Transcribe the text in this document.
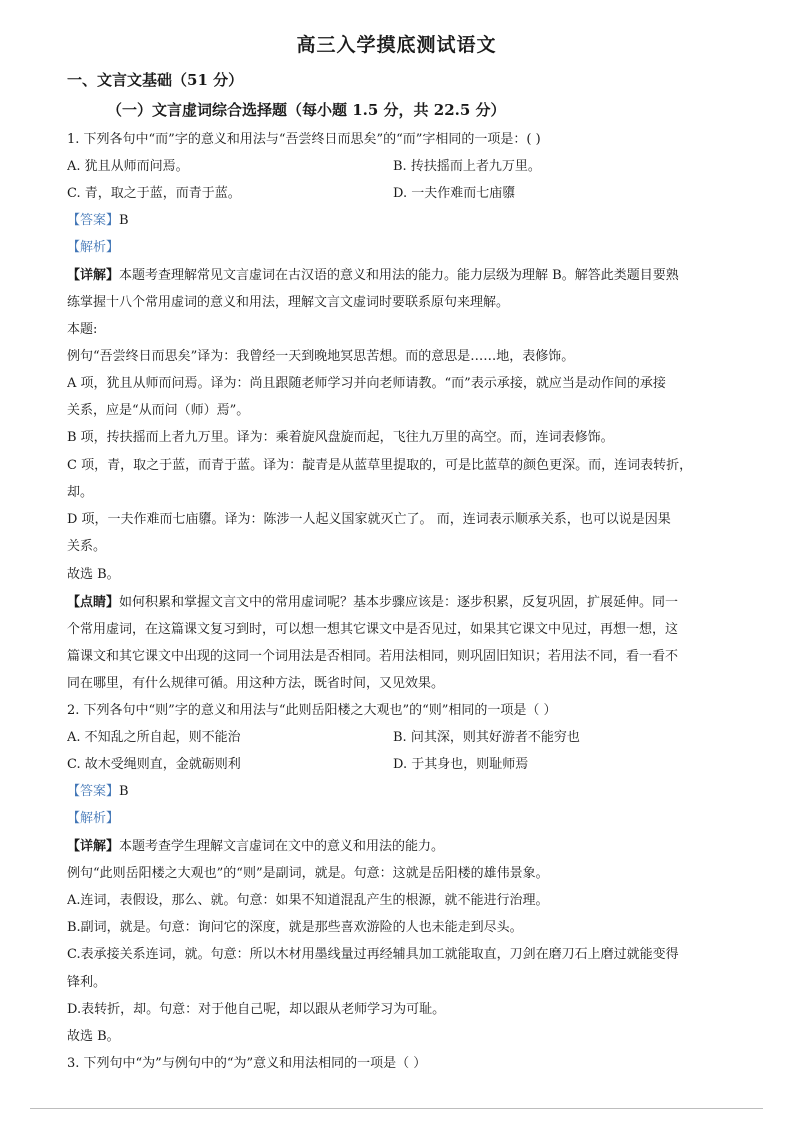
高三入学摸底测试语文
一、文言文基础（51 分）
（一）文言虚词综合选择题（每小题 1.5 分，共 22.5 分）
1. 下列各句中“而”字的意义和用法与“吾尝终日而思矣”的“而”字相同的一项是：( )
A. 犹且从师而问焉。	B. 抟扶摇而上者九万里。
C. 青，取之于蓝，而青于蓝。	D. 一夫作难而七庙隳
【答案】B
【解析】
【详解】本题考查理解常见文言虚词在古汉语的意义和用法的能力。能力层级为理解 B。解答此类题目要熟
练掌握十八个常用虚词的意义和用法，理解文言文虚词时要联系原句来理解。
本题:
例句“吾尝终日而思矣”译为：我曾经一天到晚地冥思苦想。而的意思是……地，表修饰。
A 项，犹且从师而问焉。译为：尚且跟随老师学习并向老师请教。“而”表示承接，就应当是动作间的承接
关系，应是“从而问（师）焉”。
B 项，抟扶摇而上者九万里。译为：乘着旋风盘旋而起，飞往九万里的高空。而，连词表修饰。
C 项，青，取之于蓝，而青于蓝。译为：靛青是从蓝草里提取的，可是比蓝草的颜色更深。而，连词表转折，
却。
D 项，一夫作难而七庙隳。译为：陈涉一人起义国家就灭亡了。 而，连词表示顺承关系，也可以说是因果
关系。
故选 B。
【点睛】如何积累和掌握文言文中的常用虚词呢？基本步骤应该是：逐步积累，反复巩固，扩展延伸。同一
个常用虚词，在这篇课文复习到时，可以想一想其它课文中是否见过，如果其它课文中见过，再想一想，这
篇课文和其它课文中出现的这同一个词用法是否相同。若用法相同，则巩固旧知识；若用法不同，看一看不
同在哪里，有什么规律可循。用这种方法，既省时间，又见效果。
2. 下列各句中“则”字的意义和用法与“此则岳阳楼之大观也”的“则”相同的一项是（ ）
A. 不知乱之所自起，则不能治	B. 问其深，则其好游者不能穷也
C. 故木受绳则直，金就砺则利	D. 于其身也，则耻师焉
【答案】B
【解析】
【详解】本题考查学生理解文言虚词在文中的意义和用法的能力。
例句“此则岳阳楼之大观也”的“则”是副词，就是。句意：这就是岳阳楼的雄伟景象。
A.连词，表假设，那么、就。句意：如果不知道混乱产生的根源，就不能进行治理。
B.副词，就是。句意：询问它的深度，就是那些喜欢游险的人也未能走到尽头。
C.表承接关系连词，就。句意：所以木材用墨线量过再经辅具加工就能取直，刀剑在磨刀石上磨过就能变得
锋利。
D.表转折，却。句意：对于他自己呢，却以跟从老师学习为可耻。
故选 B。
3. 下列句中“为”与例句中的“为”意义和用法相同的一项是（ ）
